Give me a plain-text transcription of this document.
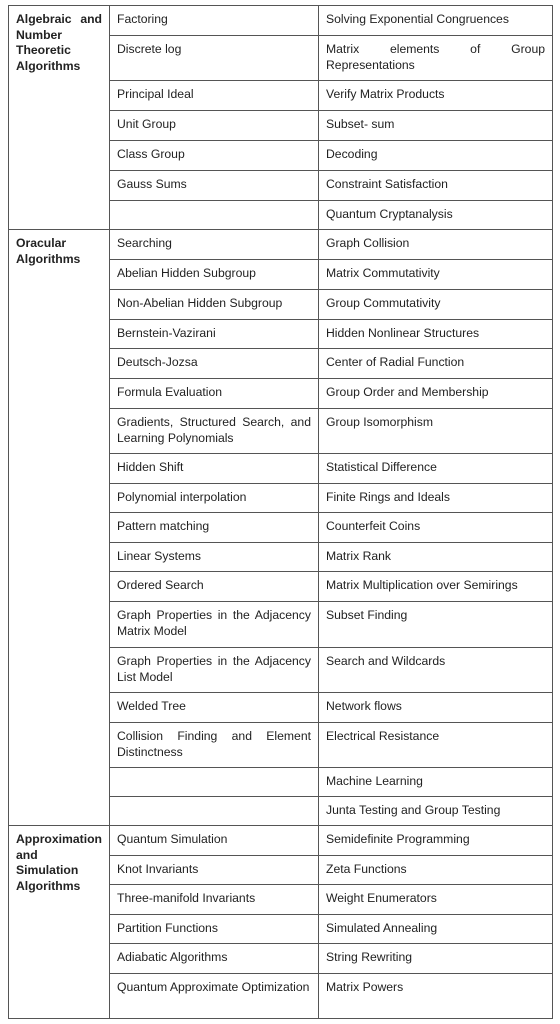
Algebraic and Number Theoretic Algorithms	Factoring	Solving Exponential Congruences

	Discrete log	Matrix elements of Group Representations

	Principal Ideal	Verify Matrix Products

	Unit Group	Subset- sum

	Class Group	Decoding

	Gauss Sums	Constraint Satisfaction

		Quantum Cryptanalysis

Oracular Algorithms	Searching	Graph Collision

	Abelian Hidden Subgroup	Matrix Commutativity

	Non-Abelian Hidden Subgroup	Group Commutativity

	Bernstein-Vazirani	Hidden Nonlinear Structures

	Deutsch-Jozsa	Center of Radial Function

	Formula Evaluation	Group Order and Membership

	Gradients, Structured Search, and Learning Polynomials	Group Isomorphism

	Hidden Shift	Statistical Difference

	Polynomial interpolation	Finite Rings and Ideals

	Pattern matching	Counterfeit Coins

	Linear Systems	Matrix Rank

	Ordered Search	Matrix Multiplication over Semirings

	Graph Properties in the Adjacency Matrix Model	Subset Finding

	Graph Properties in the Adjacency List Model	Search and Wildcards

	Welded Tree	Network flows

	Collision Finding and Element Distinctness	Electrical Resistance

		Machine Learning

		Junta Testing and Group Testing

Approximation and Simulation Algorithms	Quantum Simulation	Semidefinite Programming

	Knot Invariants	Zeta Functions

	Three-manifold Invariants	Weight Enumerators

	Partition Functions	Simulated Annealing

	Adiabatic Algorithms	String Rewriting

	Quantum Approximate Optimization	Matrix Powers
